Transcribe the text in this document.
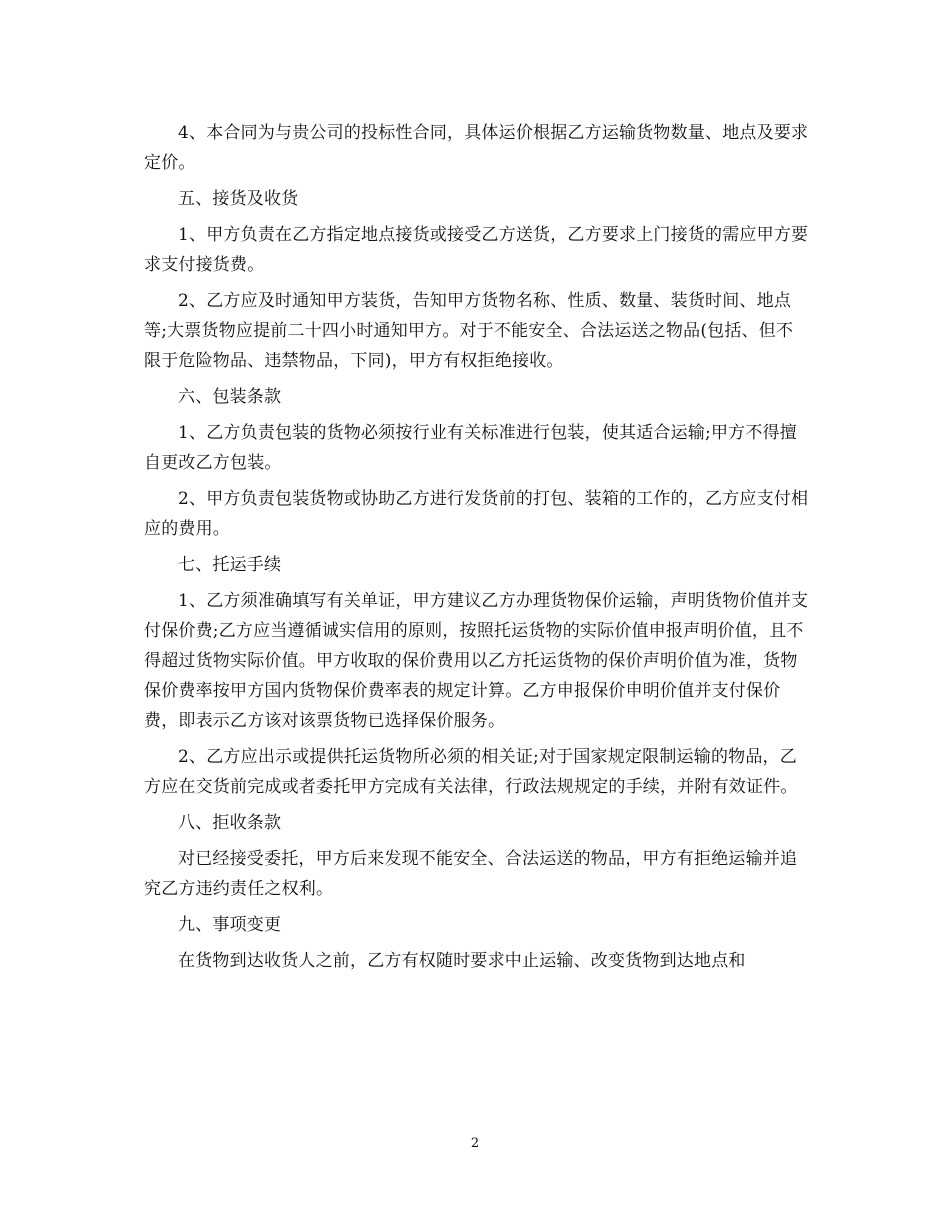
4、本合同为与贵公司的投标性合同，具体运价根据乙方运输货物数量、地点及要求定价。

五、接货及收货

1、甲方负责在乙方指定地点接货或接受乙方送货，乙方要求上门接货的需应甲方要求支付接货费。

2、乙方应及时通知甲方装货，告知甲方货物名称、性质、数量、装货时间、地点等;大票货物应提前二十四小时通知甲方。对于不能安全、合法运送之物品(包括、但不限于危险物品、违禁物品，下同)，甲方有权拒绝接收。

六、包装条款

1、乙方负责包装的货物必须按行业有关标准进行包装，使其适合运输;甲方不得擅自更改乙方包装。

2、甲方负责包装货物或协助乙方进行发货前的打包、装箱的工作的，乙方应支付相应的费用。

七、托运手续

1、乙方须准确填写有关单证，甲方建议乙方办理货物保价运输，声明货物价值并支付保价费;乙方应当遵循诚实信用的原则，按照托运货物的实际价值申报声明价值，且不得超过货物实际价值。甲方收取的保价费用以乙方托运货物的保价声明价值为准，货物保价费率按甲方国内货物保价费率表的规定计算。乙方申报保价申明价值并支付保价费，即表示乙方该对该票货物已选择保价服务。

2、乙方应出示或提供托运货物所必须的相关证;对于国家规定限制运输的物品，乙方应在交货前完成或者委托甲方完成有关法律，行政法规规定的手续，并附有效证件。

八、拒收条款

对已经接受委托，甲方后来发现不能安全、合法运送的物品，甲方有拒绝运输并追究乙方违约责任之权利。

九、事项变更

在货物到达收货人之前，乙方有权随时要求中止运输、改变货物到达地点和

2
